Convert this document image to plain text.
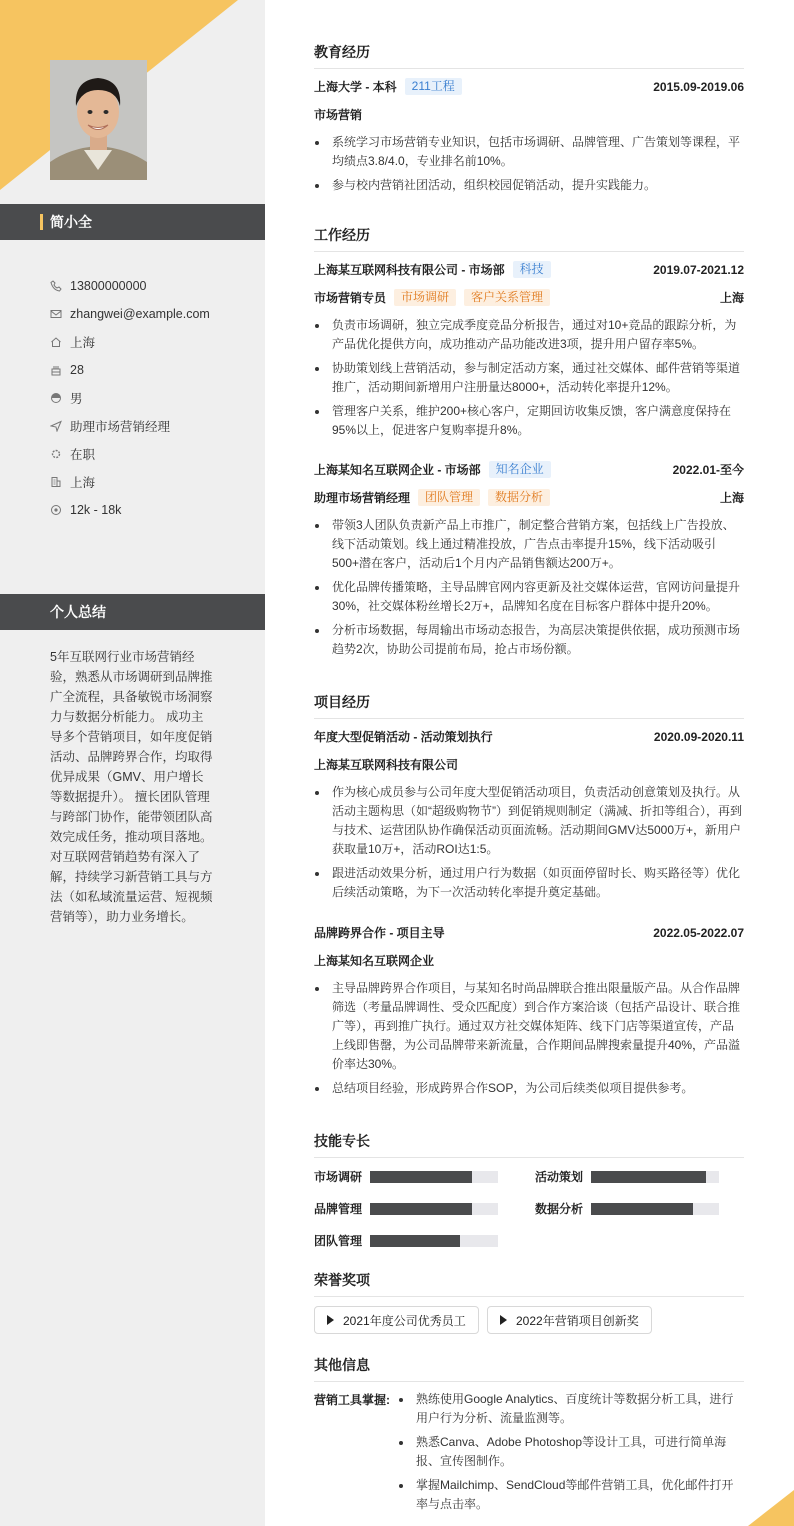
简小全
13800000000
zhangwei@example.com
上海
28
男
助理市场营销经理
在职
上海
12k - 18k
个人总结

5年互联网行业市场营销经验，熟悉从市场调研到品牌推广全流程，具备敏锐市场洞察力与数据分析能力。 成功主导多个营销项目，如年度促销活动、品牌跨界合作，均取得优异成果（GMV、用户增长等数据提升）。 擅长团队管理与跨部门协作，能带领团队高效完成任务，推动项目落地。 对互联网营销趋势有深入了解，持续学习新营销工具与方法（如私域流量运营、短视频营销等），助力业务增长。

教育经历
上海大学 - 本科	211工程	2015.09-2019.06
市场营销
系统学习市场营销专业知识，包括市场调研、品牌管理、广告策划等课程，平均绩点3.8/4.0，专业排名前10%。
参与校内营销社团活动，组织校园促销活动，提升实践能力。
工作经历
上海某互联网科技有限公司 - 市场部	科技	2019.07-2021.12
市场营销专员	市场调研	客户关系管理	上海
负责市场调研，独立完成季度竞品分析报告，通过对10+竞品的跟踪分析，为产品优化提供方向，成功推动产品功能改进3项，提升用户留存率5%。
协助策划线上营销活动，参与制定活动方案，通过社交媒体、邮件营销等渠道推广，活动期间新增用户注册量达8000+，活动转化率提升12%。
管理客户关系，维护200+核心客户，定期回访收集反馈，客户满意度保持在95%以上，促进客户复购率提升8%。
上海某知名互联网企业 - 市场部	知名企业	2022.01-至今
助理市场营销经理	团队管理	数据分析	上海
带领3人团队负责新产品上市推广，制定整合营销方案，包括线上广告投放、线下活动策划。线上通过精准投放，广告点击率提升15%，线下活动吸引500+潜在客户，活动后1个月内产品销售额达200万+。
优化品牌传播策略，主导品牌官网内容更新及社交媒体运营，官网访问量提升30%，社交媒体粉丝增长2万+，品牌知名度在目标客户群体中提升20%。
分析市场数据，每周输出市场动态报告，为高层决策提供依据，成功预测市场趋势2次，协助公司提前布局，抢占市场份额。
项目经历
年度大型促销活动 - 活动策划执行	2020.09-2020.11
上海某互联网科技有限公司
作为核心成员参与公司年度大型促销活动项目，负责活动创意策划及执行。从活动主题构思（如“超级购物节”）到促销规则制定（满减、折扣等组合），再到与技术、运营团队协作确保活动页面流畅。活动期间GMV达5000万+，新用户获取量10万+，活动ROI达1:5。
跟进活动效果分析，通过用户行为数据（如页面停留时长、购买路径等）优化后续活动策略，为下一次活动转化率提升奠定基础。
品牌跨界合作 - 项目主导	2022.05-2022.07
上海某知名互联网企业
主导品牌跨界合作项目，与某知名时尚品牌联合推出限量版产品。从合作品牌筛选（考量品牌调性、受众匹配度）到合作方案洽谈（包括产品设计、联合推广等），再到推广执行。通过双方社交媒体矩阵、线下门店等渠道宣传，产品上线即售罄，为公司品牌带来新流量，合作期间品牌搜索量提升40%，产品溢价率达30%。
总结项目经验，形成跨界合作SOP，为公司后续类似项目提供参考。
技能专长
市场调研	活动策划
品牌管理	数据分析
团队管理
荣誉奖项
2021年度公司优秀员工	2022年营销项目创新奖
其他信息
营销工具掌握:	熟练使用Google Analytics、百度统计等数据分析工具，进行用户行为分析、流量监测等。
熟悉Canva、Adobe Photoshop等设计工具，可进行简单海报、宣传图制作。
掌握Mailchimp、SendCloud等邮件营销工具，优化邮件打开率与点击率。
